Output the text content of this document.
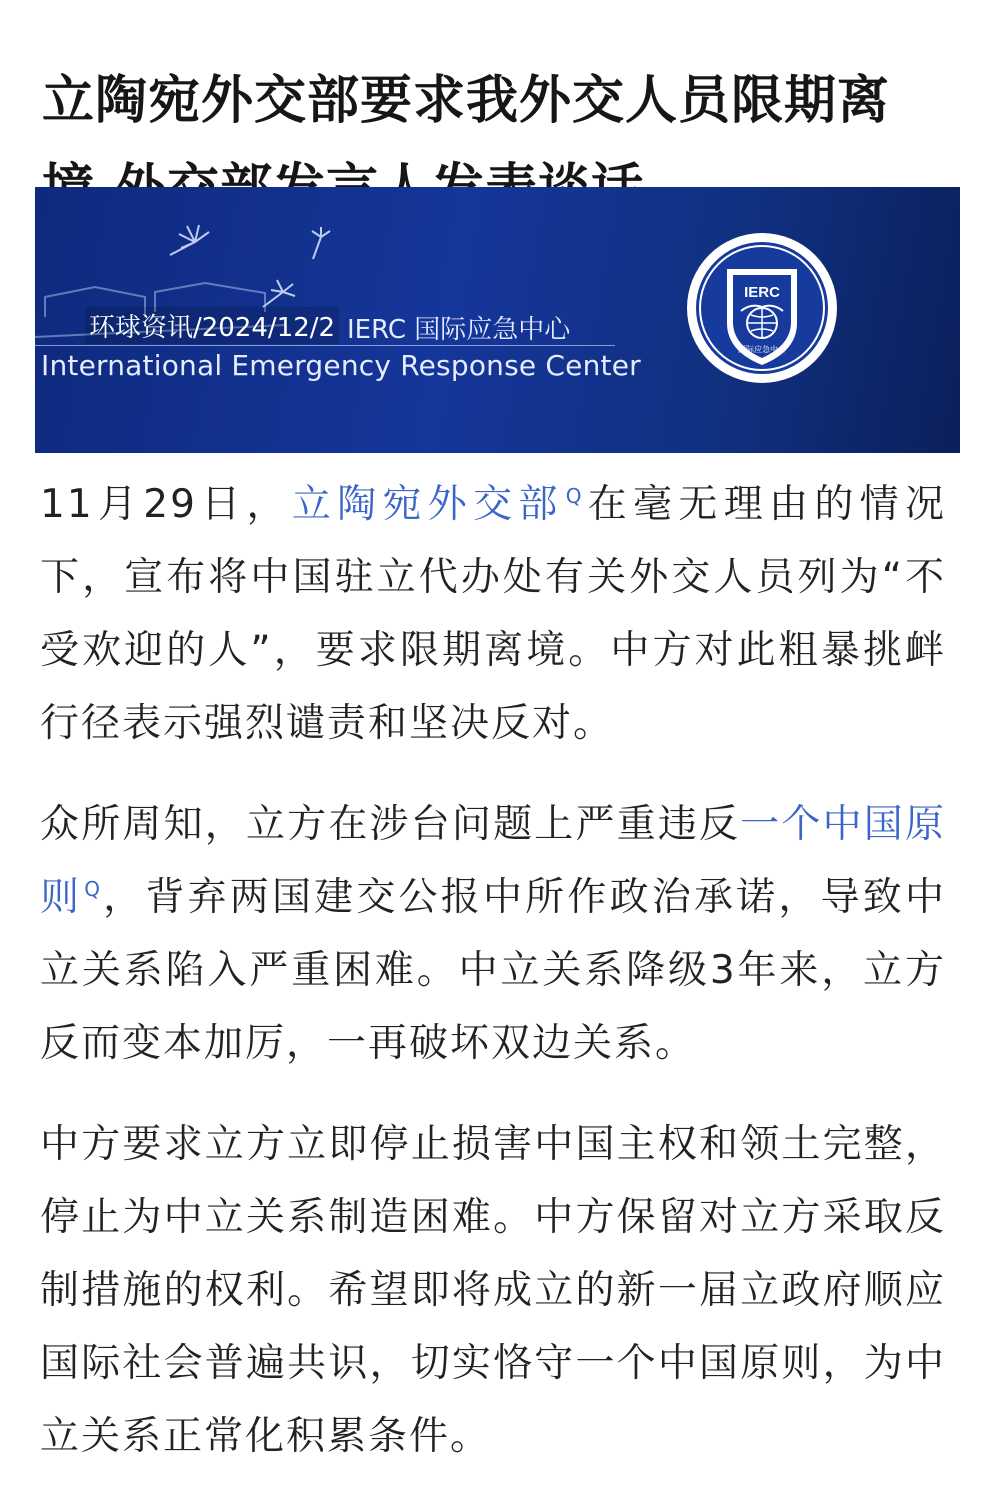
立陶宛外交部要求我外交人员限期离
环球资讯/2024/12/2 IERC 国际应急中心
International Emergency Response Center
IERC
国际应急中心

11月29日，立陶宛外交部 $^Q$在毫无理由的情况下，宣布将中国驻立代办处有关外交人员列为“不受欢迎的人”，要求限期离境。中方对此粗暴挑衅行径表示强烈谴责和坚决反对。

众所周知，立方在涉台问题上严重违反一个中国原则 $^Q$，背弃两国建交公报中所作政治承诺，导致中立关系陷入严重困难。中立关系降级3年来，立方反而变本加厉，一再破坏双边关系。

中方要求立方立即停止损害中国主权和领土完整，停止为中立关系制造困难。中方保留对立方采取反制措施的权利。希望即将成立的新一届立政府顺应国际社会普遍共识，切实恪守一个中国原则，为中立关系正常化积累条件。
